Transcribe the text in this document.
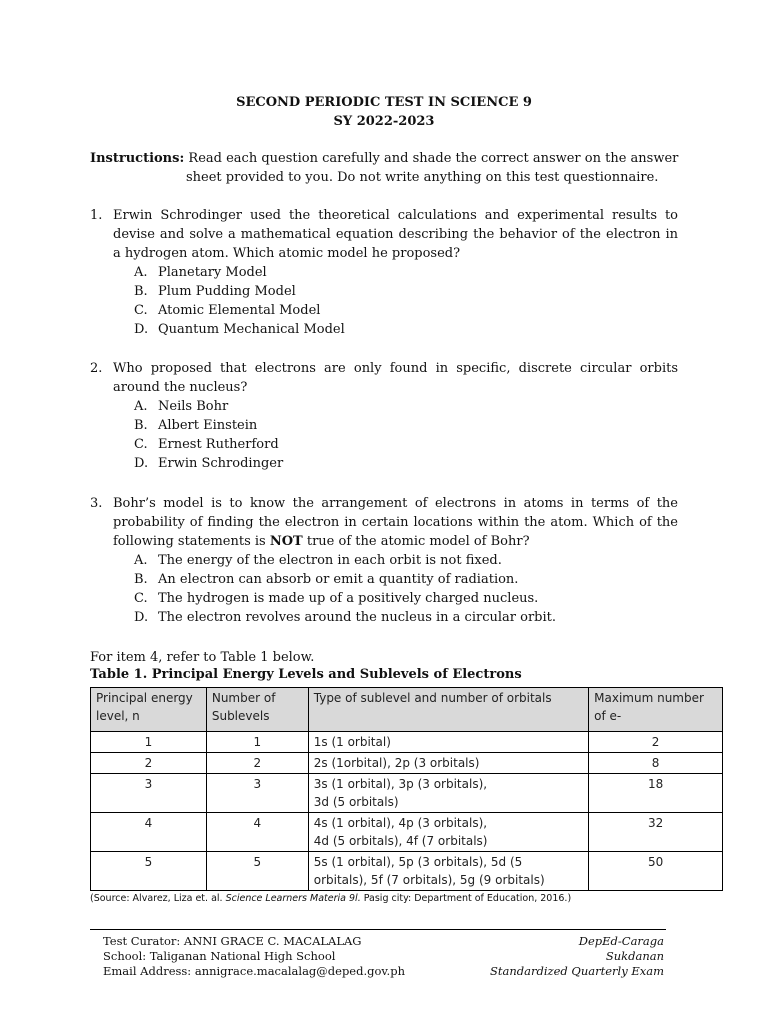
SECOND PERIODIC TEST IN SCIENCE 9
SY 2022-2023
Instructions: Read each question carefully and shade the correct answer on the answer
sheet provided to you. Do not write anything on this test questionnaire.
1. Erwin Schrodinger used the theoretical calculations and experimental results to devise and solve a mathematical equation describing the behavior of the electron in a hydrogen atom. Which atomic model he proposed?
A. Planetary Model
B. Plum Pudding Model
C. Atomic Elemental Model
D. Quantum Mechanical Model
2. Who proposed that electrons are only found in specific, discrete circular orbits around the nucleus?
A. Neils Bohr
B. Albert Einstein
C. Ernest Rutherford
D. Erwin Schrodinger
3. Bohr’s model is to know the arrangement of electrons in atoms in terms of the probability of finding the electron in certain locations within the atom. Which of the following statements is NOT true of the atomic model of Bohr?
A. The energy of the electron in each orbit is not fixed.
B. An electron can absorb or emit a quantity of radiation.
C. The hydrogen is made up of a positively charged nucleus.
D. The electron revolves around the nucleus in a circular orbit.
For item 4, refer to Table 1 below.
Table 1. Principal Energy Levels and Sublevels of Electrons
Principal energy level, n	Number of Sublevels	Type of sublevel and number of orbitals	Maximum number of e-
1	1	1s (1 orbital)	2
2	2	2s (1orbital), 2p (3 orbitals)	8
3	3	3s (1 orbital), 3p (3 orbitals),
3d (5 orbitals)	18
4	4	4s (1 orbital), 4p (3 orbitals),
4d (5 orbitals), 4f (7 orbitals)	32
5	5	5s (1 orbital), 5p (3 orbitals), 5d (5
orbitals), 5f (7 orbitals), 5g (9 orbitals)	50
(Source: Alvarez, Liza et. al. Science Learners Materia 9l. Pasig city: Department of Education, 2016.)
Test Curator: ANNI GRACE C. MACALALAG
School: Taliganan National High School
Email Address: annigrace.macalalag@deped.gov.ph
DepEd-Caraga
Sukdanan
Standardized Quarterly Exam
